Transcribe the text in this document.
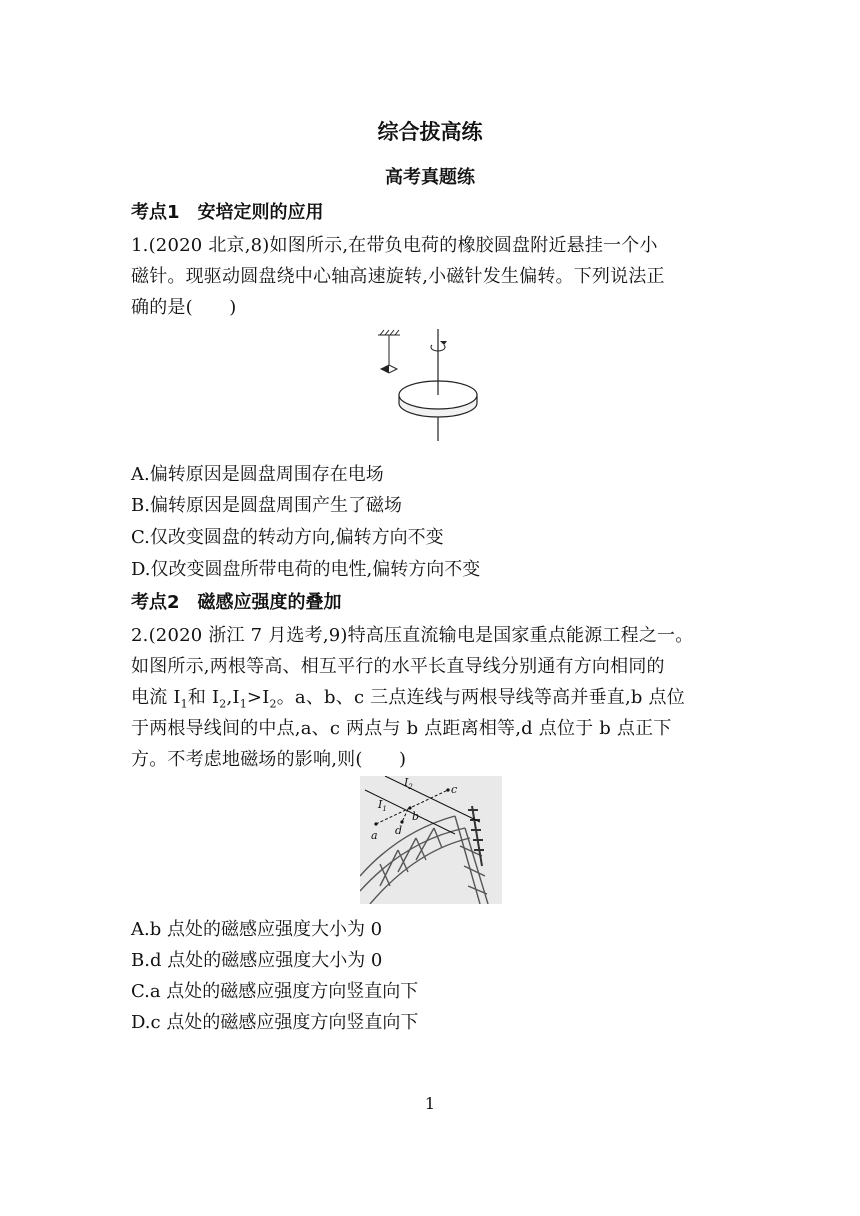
综合拔高练
高考真题练
考点1　安培定则的应用
1.(2020 北京,8)如图所示,在带负电荷的橡胶圆盘附近悬挂一个小
磁针。现驱动圆盘绕中心轴高速旋转,小磁针发生偏转。下列说法正
确的是(　　)
A.偏转原因是圆盘周围存在电场
B.偏转原因是圆盘周围产生了磁场
C.仅改变圆盘的转动方向,偏转方向不变
D.仅改变圆盘所带电荷的电性,偏转方向不变
考点2　磁感应强度的叠加
2.(2020 浙江 7 月选考,9)特高压直流输电是国家重点能源工程之一。
如图所示,两根等高、相互平行的水平长直导线分别通有方向相同的
电流 $I_1$和 $I_2,I_1>I_2$。a、b、c 三点连线与两根导线等高并垂直,b 点位
于两根导线间的中点,a、c 两点与 b 点距离相等,d 点位于 b 点正下
方。不考虑地磁场的影响,则(　　)
$I_2$
$I_1$
a
b
c
d
A.b 点处的磁感应强度大小为 0
B.d 点处的磁感应强度大小为 0
C.a 点处的磁感应强度方向竖直向下
D.c 点处的磁感应强度方向竖直向下
1
